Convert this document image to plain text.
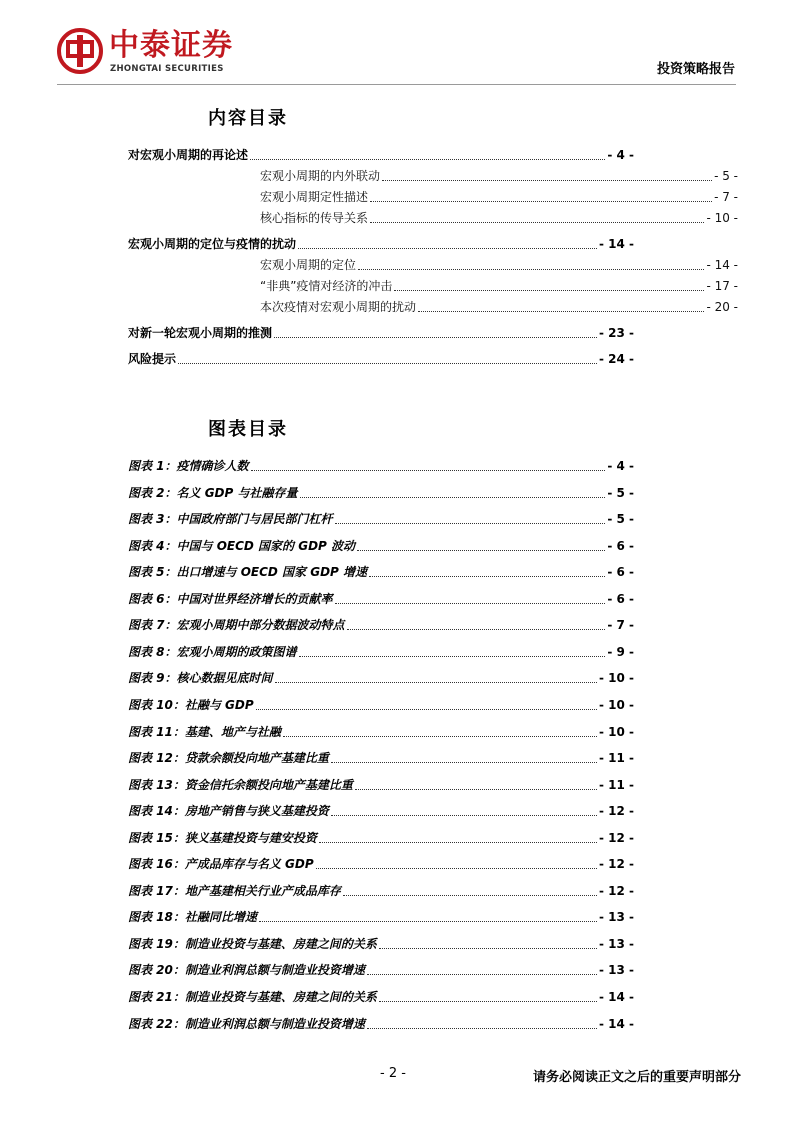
中泰证券
ZHONGTAI SECURITIES	投资策略报告
内容目录
对宏观小周期的再论述	- 4 -
宏观小周期的内外联动	- 5 -
宏观小周期定性描述	- 7 -
核心指标的传导关系	- 10 -
宏观小周期的定位与疫情的扰动	- 14 -
宏观小周期的定位	- 14 -
“非典”疫情对经济的冲击	- 17 -
本次疫情对宏观小周期的扰动	- 20 -
对新一轮宏观小周期的推测	- 23 -
风险提示	- 24 -
图表目录
图表 1：疫情确诊人数	- 4 -
图表 2：名义 GDP 与社融存量	- 5 -
图表 3：中国政府部门与居民部门杠杆	- 5 -
图表 4：中国与 OECD 国家的 GDP 波动	- 6 -
图表 5：出口增速与 OECD 国家 GDP 增速	- 6 -
图表 6：中国对世界经济增长的贡献率	- 6 -
图表 7：宏观小周期中部分数据波动特点	- 7 -
图表 8：宏观小周期的政策图谱	- 9 -
图表 9：核心数据见底时间	- 10 -
图表 10：社融与 GDP	- 10 -
图表 11：基建、地产与社融	- 10 -
图表 12：贷款余额投向地产基建比重	- 11 -
图表 13：资金信托余额投向地产基建比重	- 11 -
图表 14：房地产销售与狭义基建投资	- 12 -
图表 15：狭义基建投资与建安投资	- 12 -
图表 16：产成品库存与名义 GDP	- 12 -
图表 17：地产基建相关行业产成品库存	- 12 -
图表 18：社融同比增速	- 13 -
图表 19：制造业投资与基建、房建之间的关系	- 13 -
图表 20：制造业利润总额与制造业投资增速	- 13 -
图表 21：制造业投资与基建、房建之间的关系	- 14 -
图表 22：制造业利润总额与制造业投资增速	- 14 -
- 2 -	请务必阅读正文之后的重要声明部分
